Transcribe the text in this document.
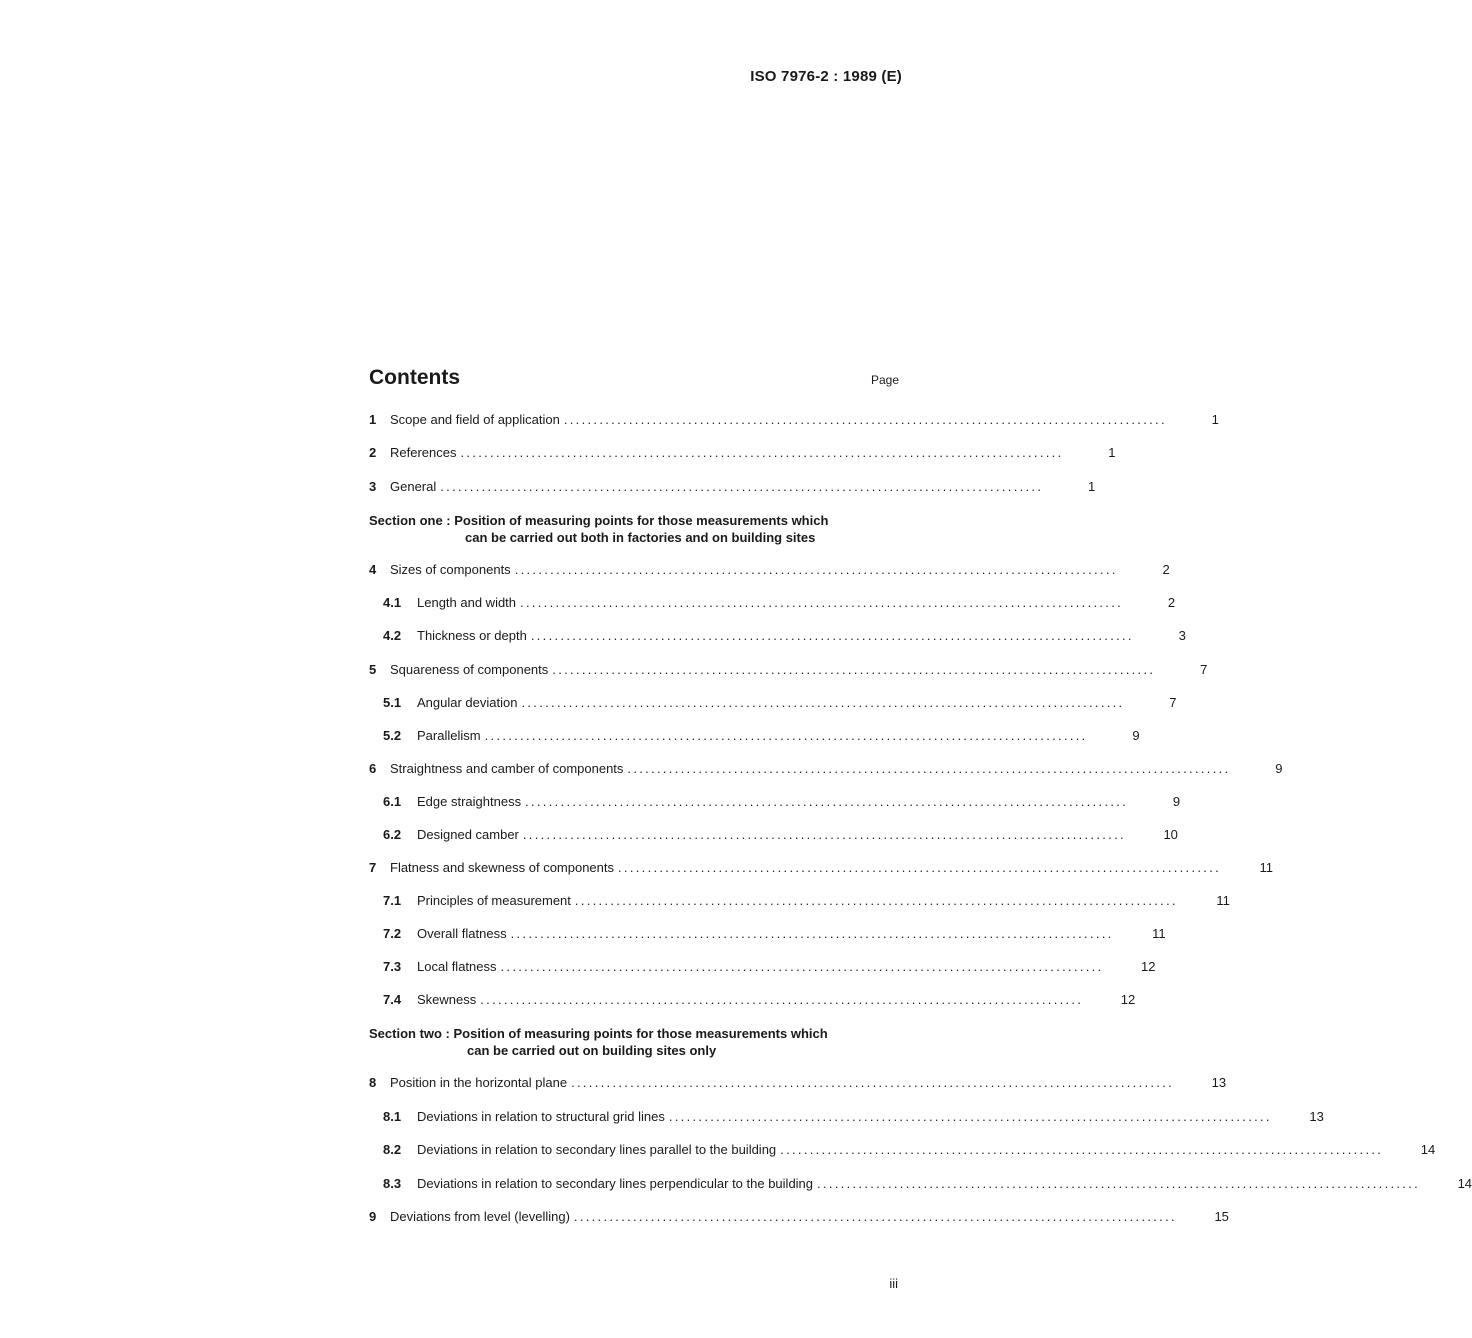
ISO 7976-2 : 1989 (E)
Contents	Page
1	Scope and field of application ......................................................................................................	1
2	References ......................................................................................................	1
3	General ......................................................................................................	1
Section one : Position of measuring points for those measurements which
can be carried out both in factories and on building sites
4	Sizes of components ......................................................................................................	2
4.1	Length and width ......................................................................................................	2
4.2	Thickness or depth ......................................................................................................	3
5	Squareness of components ......................................................................................................	7
5.1	Angular deviation ......................................................................................................	7
5.2	Parallelism ......................................................................................................	9
6	Straightness and camber of components ......................................................................................................	9
6.1	Edge straightness ......................................................................................................	9
6.2	Designed camber ......................................................................................................	10
7	Flatness and skewness of components ......................................................................................................	11
7.1	Principles of measurement ......................................................................................................	11
7.2	Overall flatness ......................................................................................................	11
7.3	Local flatness ......................................................................................................	12
7.4	Skewness ......................................................................................................	12
Section two : Position of measuring points for those measurements which
can be carried out on building sites only
8	Position in the horizontal plane ......................................................................................................	13
8.1	Deviations in relation to structural grid lines ......................................................................................................	13
8.2	Deviations in relation to secondary lines parallel to the building ......................................................................................................	14
8.3	Deviations in relation to secondary lines perpendicular to the building ......................................................................................................	14
9	Deviations from level (levelling) ......................................................................................................	15
iii
